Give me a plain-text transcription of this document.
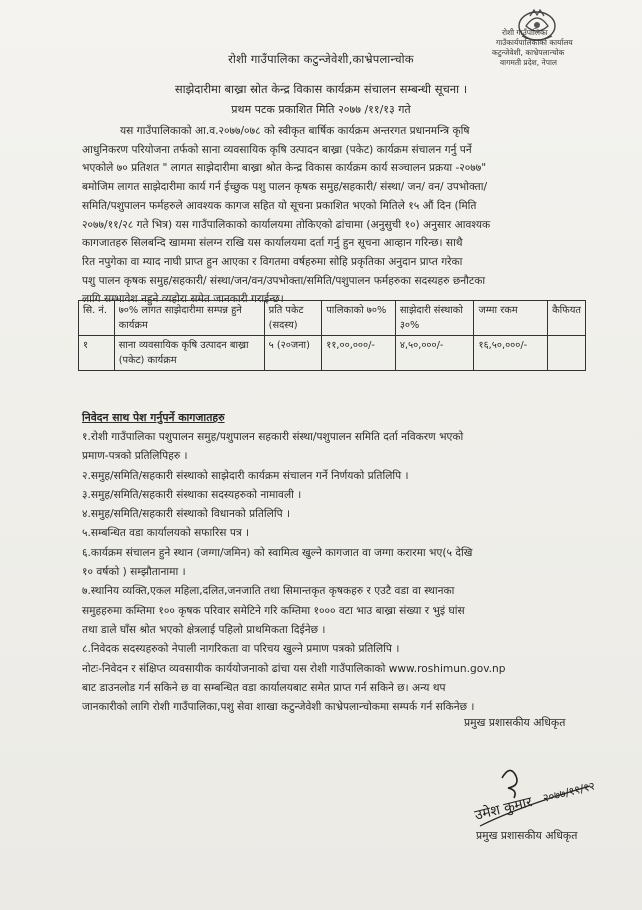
रोशी गाउँपालिका
गाउँकार्यपालिकाको कार्यालय
कटुन्जेवेशी, काभ्रेपलान्चोक
वागमती प्रदेश, नेपाल
रोशी गाउँपालिका कटुन्जेवेशी,काभ्रेपलान्चोक
साझेदारीमा बाख्रा स्रोत केन्द्र विकास कार्यक्रम संचालन सम्बन्धी सूचना ।
प्रथम पटक प्रकाशित मिति २०७७ /११/१३ गते
यस गाउँपालिकाको आ.व.२०७७/०७८ को स्वीकृत बार्षिक कार्यक्रम अन्तरगत प्रधानमन्त्रि कृषि
आधुनिकरण परियोजना तर्फको साना व्यवसायिक कृषि उत्पादन बाख्रा (पकेट) कार्यक्रम संचालन गर्नु पर्ने
भएकोले ७० प्रतिशत " लागत साझेदारीमा बाख्रा श्रोत केन्द्र विकास कार्यक्रम कार्य सञ्चालन प्रक्रया -२०७७"
बमोजिम लागत साझेदारीमा कार्य गर्न ईच्छुक पशु पालन कृषक समुह/सहकारी/ संस्था/ जन/ वन/ उपभोक्ता/
समिति/पशुपालन फर्महरुले आवश्यक कागज सहित यो सूचना प्रकाशित भएको मितिले १५ औं दिन (मिति
२०७७/११/२८ गते भित्र) यस गाउँपालिकाको कार्यालयमा तोकिएको ढांचामा (अनुसुची १०) अनुसार आवश्यक
कागजातहरु सिलबन्दि खाममा संलग्न राखि यस कार्यालयमा दर्ता गर्नु हुन सूचना आव्हान गरिन्छ। साथै
रित नपुगेका वा म्याद नाघी प्राप्त हुन आएका र विगतमा वर्षहरुमा सोहि प्रकृतिका अनुदान प्राप्त गरेका
पशु पालन कृषक समुह/सहकारी/ संस्था/जन/वन/उपभोक्ता/समिति/पशुपालन फर्महरुका सदस्यहरु छनौटका
लागि सम्भावेश नहुने व्यहोरा समेत जानकारी गराईन्छ।
सि. नं.	७०% लागत साझेदारीमा सम्पन्न हुने कार्यक्रम	प्रति पकेट (सदस्य)	पालिकाको ७०%	साझेदारी संस्थाको ३०%	जम्मा रकम	कैफियत
१	साना व्यवसायिक कृषि उत्पादन बाख्रा (पकेट) कार्यक्रम	५ (२०जना)	११,००,०००/-	४,५०,०००/-	१६,५०,०००/-	
निवेदन साथ पेश गर्नुपर्ने कागजातहरु
१.रोशी गाउँपालिका पशुपालन समुह/पशुपालन सहकारी संस्था/पशुपालन समिति दर्ता नविकरण भएको
प्रमाण-पत्रको प्रतिलिपिहरु ।
२.समुह/समिति/सहकारी संस्थाको साझेदारी कार्यक्रम संचालन गर्ने निर्णयको प्रतिलिपि ।
३.समुह/समिति/सहकारी संस्थाका सदस्यहरुको नामावली ।
४.समुह/समिति/सहकारी संस्थाको विधानको प्रतिलिपि ।
५.सम्बन्धित वडा कार्यालयको सफारिस पत्र ।
६.कार्यक्रम संचालन हुने स्थान (जग्गा/जमिन) को स्वामित्व खुल्ने कागजात वा जग्गा करारमा भए(५ देखि
१० वर्षको ) सम्झौतानामा ।
७.स्थानिय व्यक्ति,एकल महिला,दलित,जनजाति तथा सिमान्तकृत कृषकहरु र एउटै वडा वा स्थानका
समुहहरुमा कम्तिमा १०० कृषक परिवार समेटिने गरि कम्तिमा १००० वटा भाउ बाख्रा संख्या र भुइं घांस
तथा डाले घाँस श्रोत भएको क्षेत्रलाई पहिलो प्राथमिकता दिईनेछ ।
८.निवेदक सदस्यहरुको नेपाली नागरिकता वा परिचय खुल्ने प्रमाण पत्रको प्रतिलिपि ।
नोटः-निवेदन र संक्षिप्त व्यवसायीक कार्ययोजनाको ढांचा यस रोशी गाउँपालिकाको www.roshimun.gov.np
बाट डाउनलोड गर्न सकिने छ वा सम्बन्धित वडा कार्यालयबाट समेत प्राप्त गर्न सकिने छ। अन्य थप
जानकारीको लागि रोशी गाउँपालिका,पशु सेवा शाखा कटुन्जेवेशी काभ्रेपलान्चोकमा सम्पर्क गर्न सकिनेछ ।
प्रमुख प्रशासकीय अधिकृत
उमेश कुमार
२०७७/११/१२
प्रमुख प्रशासकीय अधिकृत
